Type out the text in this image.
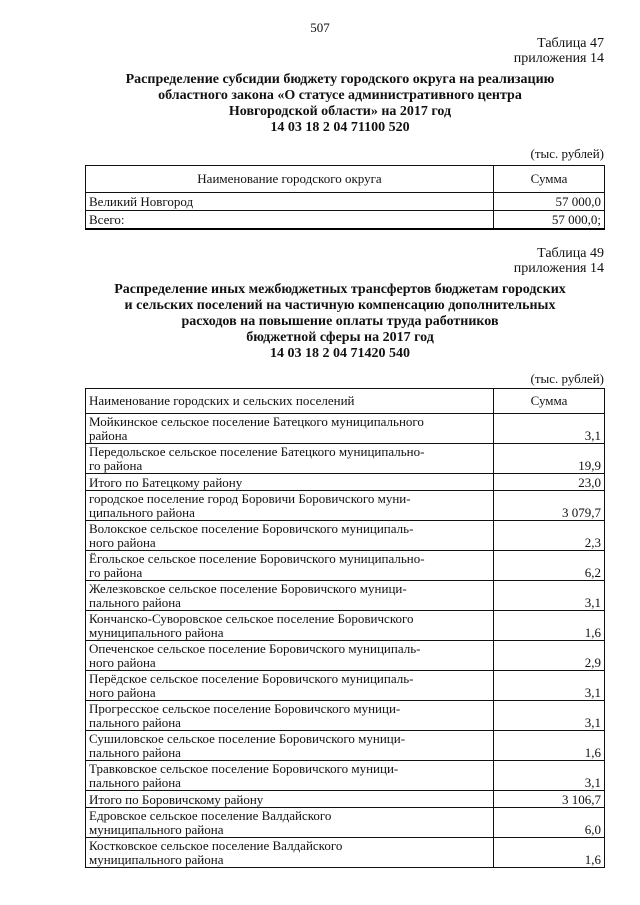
507
Таблица 47
приложения 14
Распределение субсидии бюджету городского округа на реализацию
областного закона «О статусе административного центра
Новгородской области» на 2017 год
14 03 18 2 04 71100 520
(тыс. рублей)
Наименование городского округа	Сумма
Великий Новгород	57 000,0
Всего:	57 000,0;
Таблица 49
приложения 14
Распределение иных межбюджетных трансфертов бюджетам городских
и сельских поселений на частичную компенсацию дополнительных
расходов на повышение оплаты труда работников
бюджетной сферы на 2017 год
14 03 18 2 04 71420 540
(тыс. рублей)
Наименование городских и сельских поселений	Сумма

Мойкинское сельское поселение Батецкого муниципального
района	3,1

Передольское сельское поселение Батецкого муниципально-
го района	19,9
Итого по Батецкому району	23,0

городское поселение город Боровичи Боровичского муни-
ципального района	3 079,7

Волокское сельское поселение Боровичского муниципаль-
ного района	2,3

Ёгольское сельское поселение Боровичского муниципально-
го района	6,2

Железковское сельское поселение Боровичского муници-
пального района	3,1

Кончанско-Суворовское сельское поселение Боровичского
муниципального района	1,6

Опеченское сельское поселение Боровичского муниципаль-
ного района	2,9

Перёдское сельское поселение Боровичского муниципаль-
ного района	3,1

Прогресское сельское поселение Боровичского муници-
пального района	3,1

Сушиловское сельское поселение Боровичского муници-
пального района	1,6

Травковское сельское поселение Боровичского муници-
пального района	3,1
Итого по Боровичскому району	3 106,7

Едровское сельское поселение Валдайского
муниципального района	6,0

Костковское сельское поселение Валдайского
муниципального района	1,6
